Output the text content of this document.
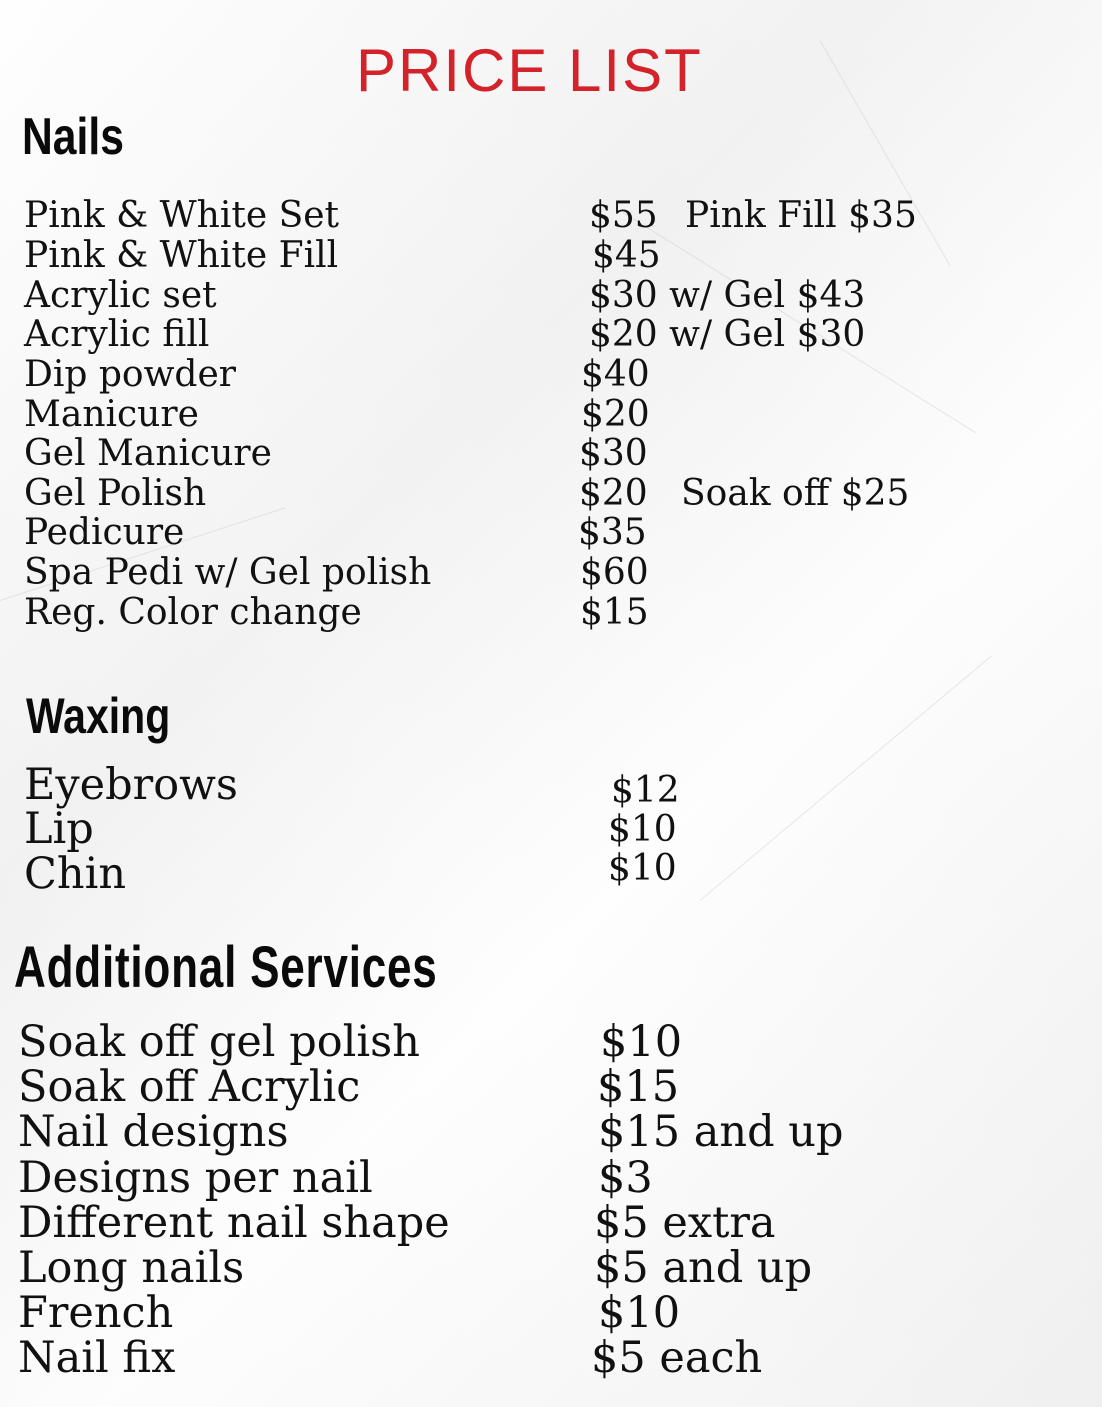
PRICE LIST
Nails
Pink & White Set	$55 Pink Fill $35
Pink & White Fill	$45
Acrylic set	$30 w/ Gel $43
Acrylic fill	$20 w/ Gel $30
Dip powder	$40
Manicure	$20
Gel Manicure	$30
Gel Polish	$20 Soak off $25
Pedicure	$35
Spa Pedi w/ Gel polish	$60
Reg. Color change	$15
Waxing
Eyebrows	$12
Lip	$10
Chin	$10
Additional Services
Soak off gel polish	$10
Soak off Acrylic	$15
Nail designs	$15 and up
Designs per nail	$3
Different nail shape	$5 extra
Long nails	$5 and up
French	$10
Nail fix	$5 each
